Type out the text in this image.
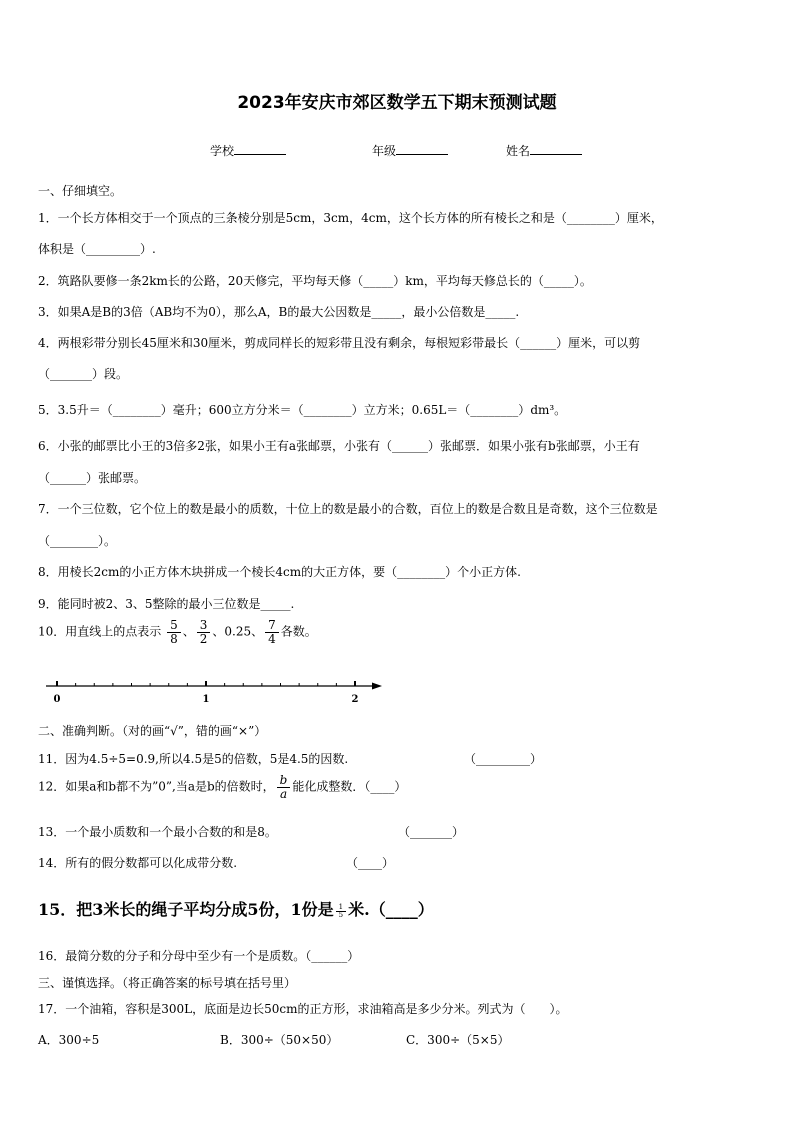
2023年安庆市郊区数学五下期末预测试题
学校	年级	姓名
一、仔细填空。
1．一个长方体相交于一个顶点的三条棱分别是5cm，3cm，4cm，这个长方体的所有棱长之和是（________）厘米，
体积是（_________）.
2．筑路队要修一条2km长的公路，20天修完，平均每天修（_____）km，平均每天修总长的（_____）。
3．如果A是B的3倍（AB均不为0），那么A，B的最大公因数是_____，最小公倍数是_____.
4．两根彩带分别长45厘米和30厘米，剪成同样长的短彩带且没有剩余，每根短彩带最长（______）厘米，可以剪
（_______）段。
5．3.5升＝（________）毫升；600立方分米＝（________）立方米；0.65L＝（________）dm³。
6．小张的邮票比小王的3倍多2张，如果小王有a张邮票，小张有（______）张邮票．如果小张有b张邮票，小王有
（______）张邮票。
7．一个三位数，它个位上的数是最小的质数，十位上的数是最小的合数，百位上的数是合数且是奇数，这个三位数是
（________）。
8．用棱长2cm的小正方体木块拼成一个棱长4cm的大正方体，要（________）个小正方体.
9．能同时被2、3、5整除的最小三位数是_____.
10．用直线上的点表示 $\frac{5}{8}$ 、 $\frac{3}{2}$ 、0.25、 $\frac{7}{4}$ 各数。
0	1	2
二、准确判断。（对的画“√”，错的画“×”）
11．因为4.5÷5=0.9,所以4.5是5的倍数，5是4.5的因数.	（_________）
12．如果a和b都不为”0”,当a是b的倍数时， $\frac{b}{a}$ 能化成整数．（____）
13．一个最小质数和一个最小合数的和是8。	（_______）
14．所有的假分数都可以化成带分数.	（____）
15．把3米长的绳子平均分成5份，1份是 $\frac{1}{5}$ 米.（____）
16．最简分数的分子和分母中至少有一个是质数。（______）
三、谨慎选择。（将正确答案的标号填在括号里）
17．一个油箱，容积是300L，底面是边长50cm的正方形，求油箱高是多少分米。列式为（　　）。
A．300÷5	B．300÷（50×50）	C．300÷（5×5）
